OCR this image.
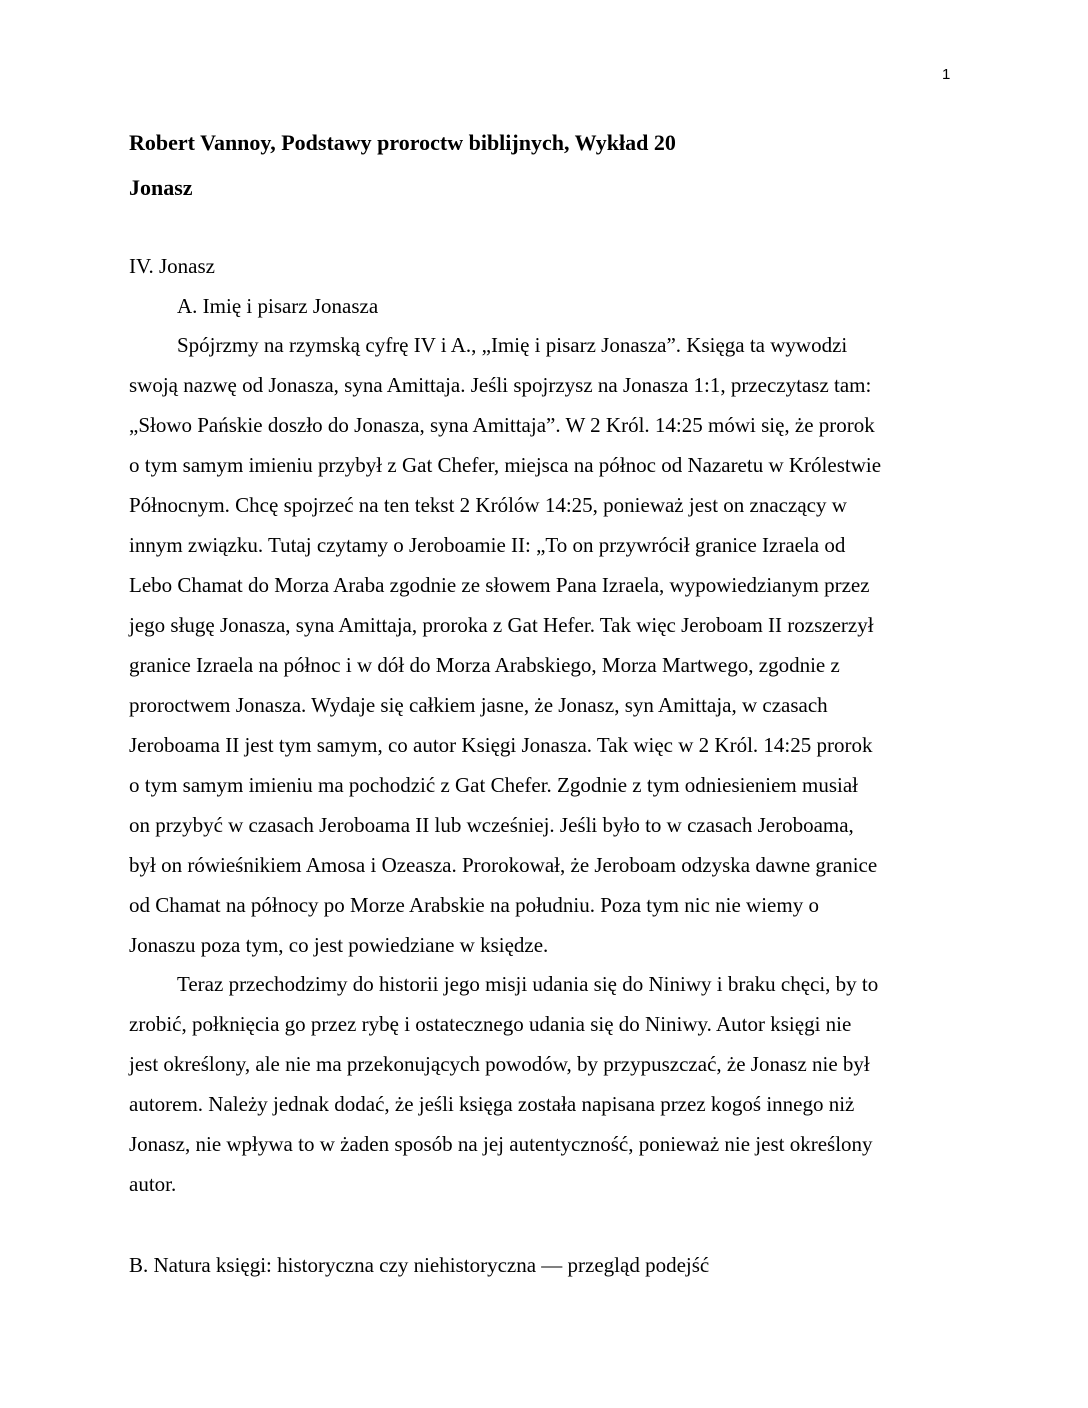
1
Robert Vannoy, Podstawy proroctw biblijnych, Wykład 20
Jonasz
IV. Jonasz
A. Imię i pisarz Jonasza

Spójrzmy na rzymską cyfrę IV i A., „Imię i pisarz Jonasza”. Księga ta wywodzi
swoją nazwę od Jonasza, syna Amittaja. Jeśli spojrzysz na Jonasza 1:1, przeczytasz tam:
„Słowo Pańskie doszło do Jonasza, syna Amittaja”. W 2 Król. 14:25 mówi się, że prorok
o tym samym imieniu przybył z Gat Chefer, miejsca na północ od Nazaretu w Królestwie
Północnym. Chcę spojrzeć na ten tekst 2 Królów 14:25, ponieważ jest on znaczący w
innym związku. Tutaj czytamy o Jeroboamie II: „To on przywrócił granice Izraela od
Lebo Chamat do Morza Araba zgodnie ze słowem Pana Izraela, wypowiedzianym przez
jego sługę Jonasza, syna Amittaja, proroka z Gat Hefer. Tak więc Jeroboam II rozszerzył
granice Izraela na północ i w dół do Morza Arabskiego, Morza Martwego, zgodnie z
proroctwem Jonasza. Wydaje się całkiem jasne, że Jonasz, syn Amittaja, w czasach
Jeroboama II jest tym samym, co autor Księgi Jonasza. Tak więc w 2 Król. 14:25 prorok
o tym samym imieniu ma pochodzić z Gat Chefer. Zgodnie z tym odniesieniem musiał
on przybyć w czasach Jeroboama II lub wcześniej. Jeśli było to w czasach Jeroboama,
był on rówieśnikiem Amosa i Ozeasza. Prorokował, że Jeroboam odzyska dawne granice
od Chamat na północy po Morze Arabskie na południu. Poza tym nic nie wiemy o
Jonaszu poza tym, co jest powiedziane w księdze.

Teraz przechodzimy do historii jego misji udania się do Niniwy i braku chęci, by to
zrobić, połknięcia go przez rybę i ostatecznego udania się do Niniwy. Autor księgi nie
jest określony, ale nie ma przekonujących powodów, by przypuszczać, że Jonasz nie był
autorem. Należy jednak dodać, że jeśli księga została napisana przez kogoś innego niż
Jonasz, nie wpływa to w żaden sposób na jej autentyczność, ponieważ nie jest określony
autor.

B. Natura księgi: historyczna czy niehistoryczna — przegląd podejść
